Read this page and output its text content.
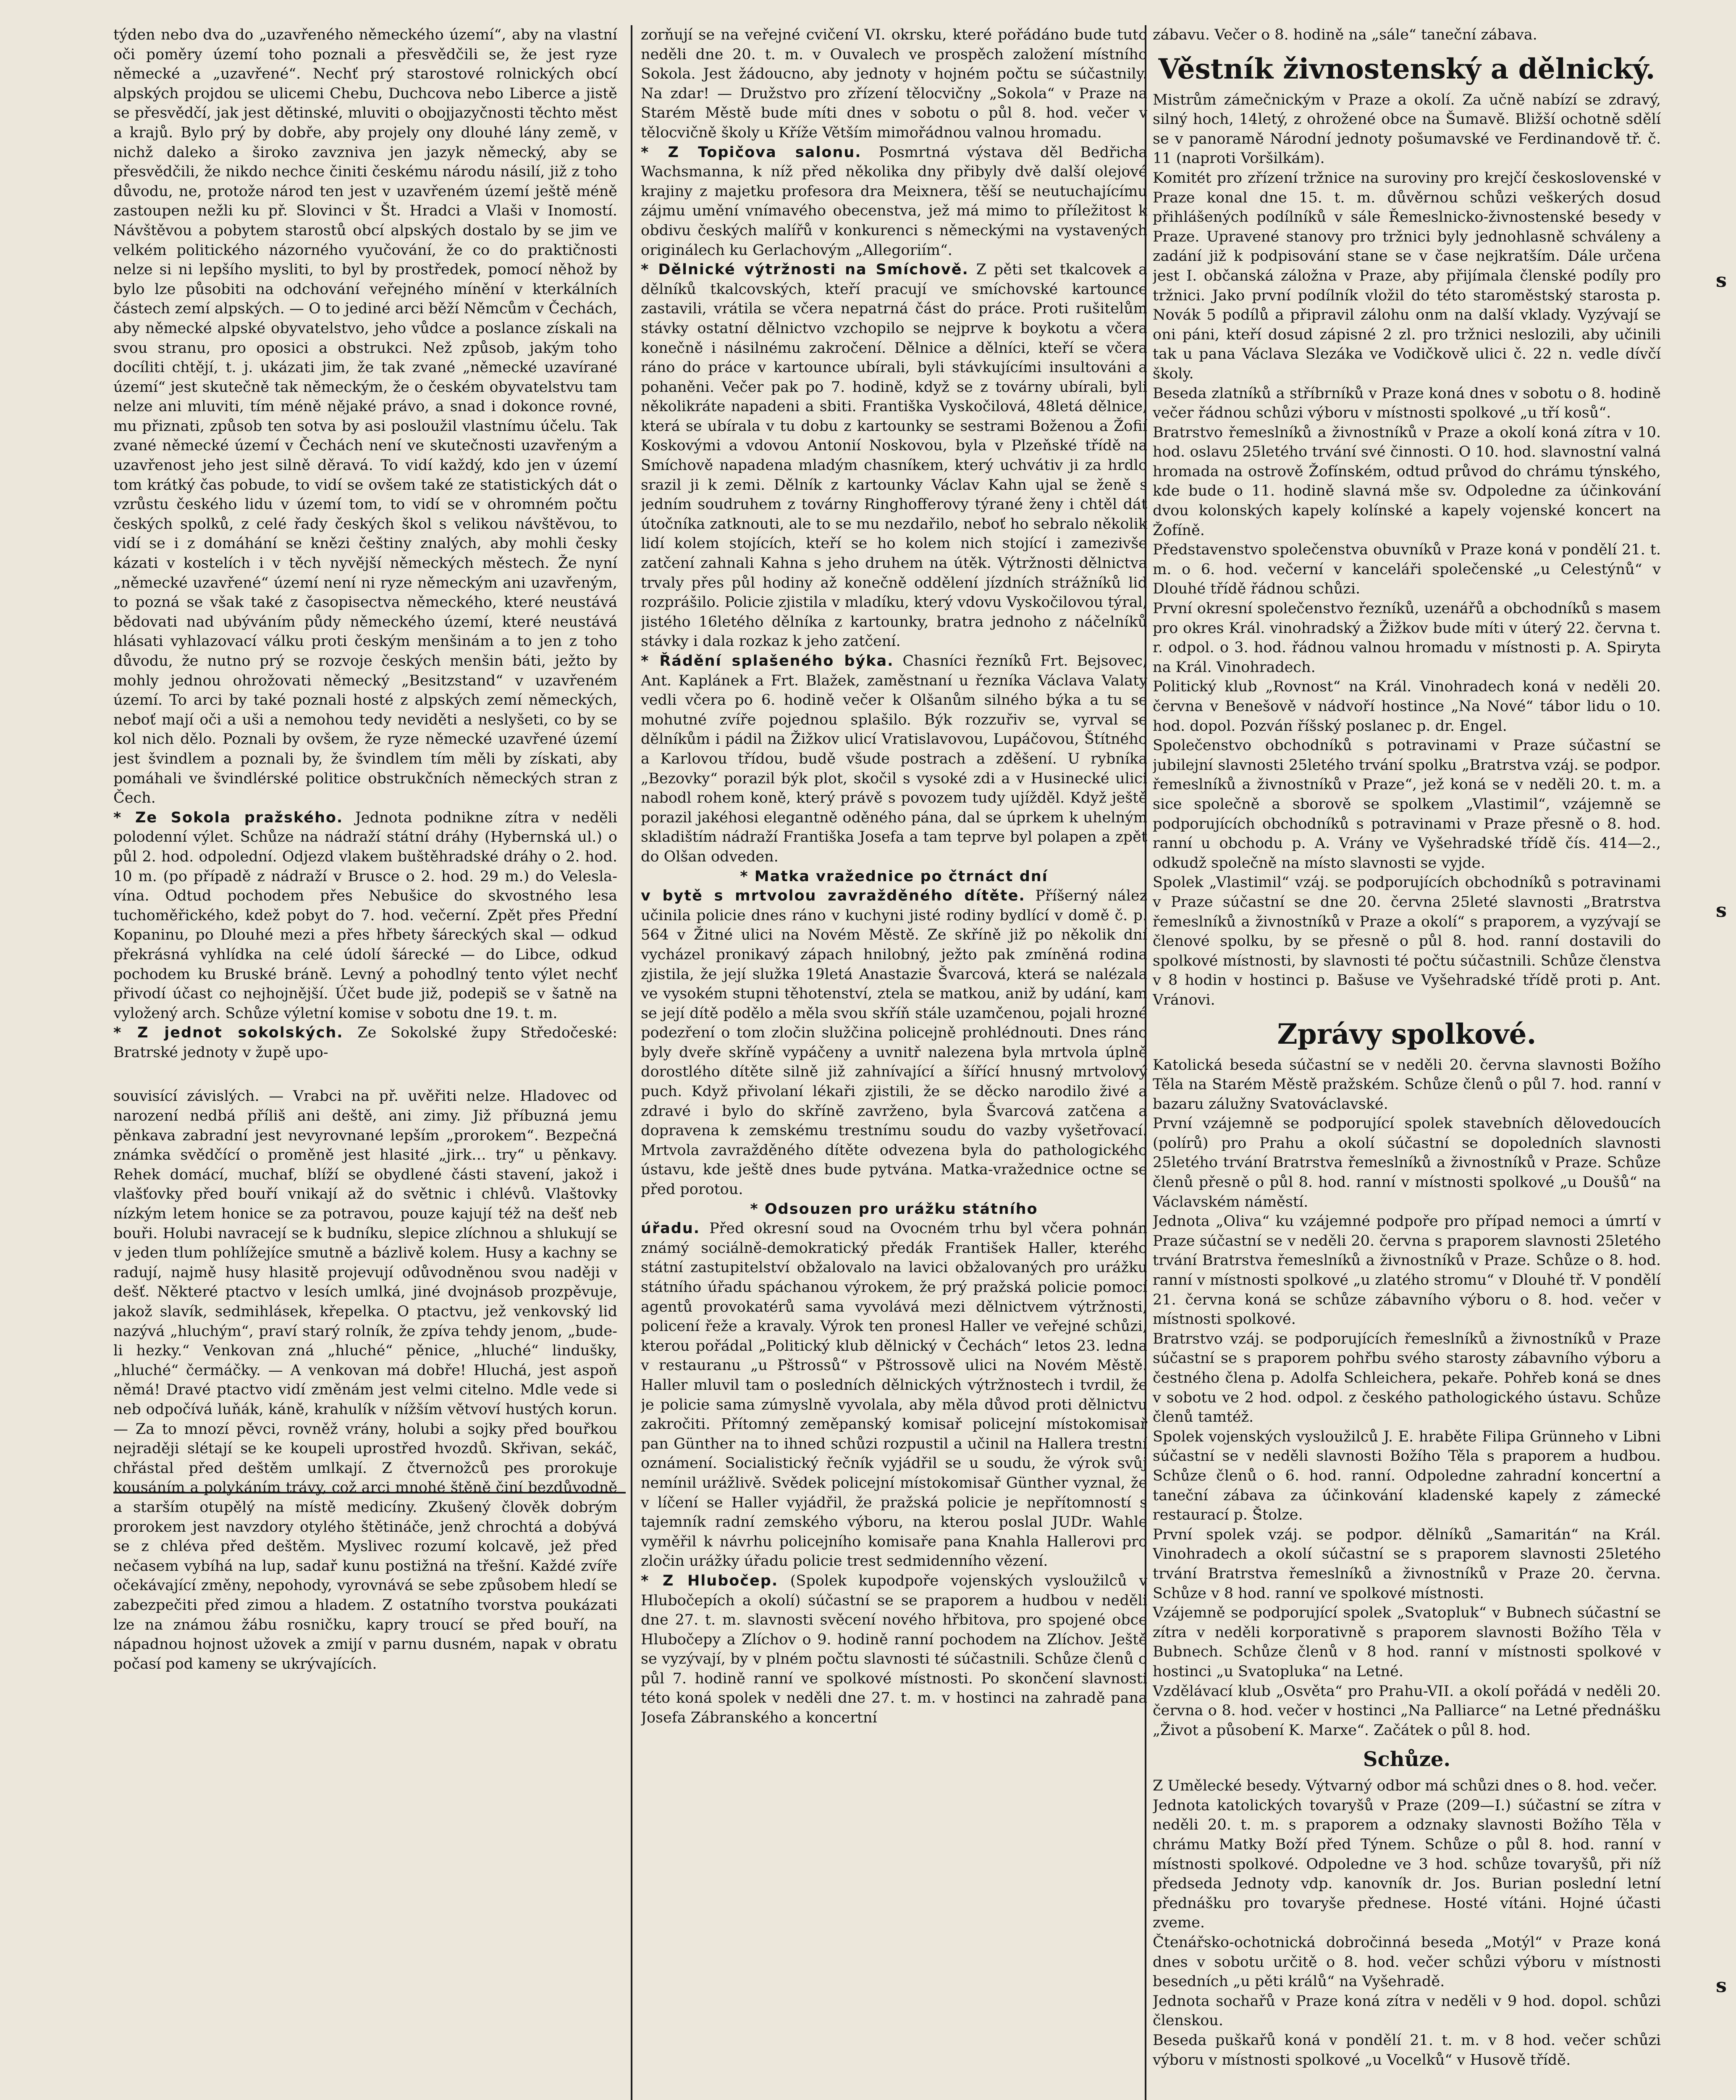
týden nebo dva do „uzavřeného německého území“, aby na vlastní oči poměry území toho poznali a přesvědčili se, že jest ryze německé a „uzavřené“. Nechť prý starostové rolnických obcí alpských projdou se ulicemi Chebu, Duchcova nebo Liberce a jistě se přesvědčí, jak jest dětinské, mluviti o obojjazyčnosti těchto měst a krajů. Bylo prý by dobře, aby projely ony dlouhé lány země, v nichž daleko a široko zavzniva jen jazyk německý, aby se přesvědčili, že nikdo nechce činiti českému národu násilí, již z toho důvodu, ne, protože národ ten jest v uzavřeném území ještě méně zastoupen nežli ku př. Slovinci v Št. Hradci a Vlaši v Inomostí. Návštěvou a pobytem starostů obcí alpských dostalo by se jim ve velkém politického názorného vyučování, že co do praktičnosti nelze si ni lepšího mysliti, to byl by prostředek, pomocí něhož by bylo lze působiti na odchování veřejného mínění v kterkálních částech zemí alpských. — O to jediné arci běží Němcům v Čechách, aby německé alpské obyvatelstvo, jeho vůdce a poslance získali na svou stranu, pro oposici a obstrukci. Než způsob, jakým toho docíliti chtějí, t. j. ukázati jim, že tak zvané „německé uzavírané území“ jest skutečně tak německým, že o českém obyvatelstvu tam nelze ani mluviti, tím méně nějaké právo, a snad i dokonce rovné, mu přiznati, způsob ten sotva by asi posloužil vlastnímu účelu. Tak zvané německé území v Čechách není ve skutečnosti uzavřeným a uzavřenost jeho jest silně děravá. To vidí každý, kdo jen v území tom krátký čas pobude, to vidí se ovšem také ze statistických dát o vzrůstu českého lidu v území tom, to vidí se v ohromném počtu českých spolků, z celé řady českých škol s velikou návštěvou, to vidí se i z domáhání se knězi češtiny znalých, aby mohli česky kázati v kostelích i v těch nyvější německých městech. Že nyní „německé uzavřené“ území není ni ryze německým ani uzavřeným, to pozná se však také z časopisectva německého, které neustává bědovati nad ubýváním půdy německého území, které neustává hlásati vyhlazovací válku proti českým menšinám a to jen z toho důvodu, že nutno prý se rozvoje českých menšin báti, ježto by mohly jednou ohrožovati německý „Besitzstand“ v uzavřeném území. To arci by také poznali hosté z alpských zemí německých, neboť mají oči a uši a nemohou tedy neviděti a neslyšeti, co by se kol nich dělo. Poznali by ovšem, že ryze německé uzavřené území jest švindlem a poznali by, že švindlem tím měli by získati, aby pomáhali ve švindlérské politice obstrukčních německých stran z Čech.

* Ze Sokola pražského. Jednota podnikne zítra v neděli polodenní výlet. Schůze na nádraží státní dráhy (Hybernská ul.) o půl 2. hod. odpolední. Odjezd vlakem buštěhradské dráhy o 2. hod. 10 m. (po případě z nádraží v Brusce o 2. hod. 29 m.) do Veleslavína. Odtud pochodem přes Nebušice do skvostného lesa tuchoměřického, kdež pobyt do 7. hod. večerní. Zpět přes Přední Kopaninu, po Dlouhé mezi a přes hřbety šáreckých skal — odkud překrásná vyhlídka na celé údolí šárecké — do Libce, odkud pochodem ku Bruské bráně. Levný a pohodlný tento výlet nechť přivodí účast co nejhojnější. Účet bude již, podepiš se v šatně na vyložený arch. Schůze výletní komise v sobotu dne 19. t. m.

* Z jednot sokolských. Ze Sokolské župy Středočeské: Bratrské jednoty v župě upo-

souvisící závislých. — Vrabci na př. uvěřiti nelze. Hladovec od narození nedbá příliš ani deště, ani zimy. Již příbuzná jemu pěnkava zabradní jest nevyrovnané lepším „prorokem“. Bezpečná známka svědčící o proměně jest hlasité „jirk… try“ u pěnkavy. Rehek domácí, muchaf, blíží se obydlené části stavení, jakož i vlašťovky před bouří vnikají až do světnic i chlévů. Vlaštovky nízkým letem honice se za potravou, pouze kajují též na dešť neb bouři. Holubi navracejí se k budníku, slepice zlíchnou a shlukují se v jeden tlum pohlížejíce smutně a bázlivě kolem. Husy a kachny se radují, najmě husy hlasitě projevují odůvodněnou svou naději v dešť. Některé ptactvo v lesích umlká, jiné dvojnásob prozpěvuje, jakož slavík, sedmihlásek, křepelka. O ptactvu, jež venkovský lid nazývá „hluchým“, praví starý rolník, že zpíva tehdy jenom, „bude-li hezky.“ Venkovan zná „hluché“ pěnice, „hluché“ lindušky, „hluché“ čermáčky. — A venkovan má dobře! Hluchá, jest aspoň němá! Dravé ptactvo vidí změnám jest velmi citelno. Mdle vede si neb odpočívá luňák, káně, krahulík v nížším větvoví hustých korun. — Za to mnozí pěvci, rovněž vrány, holubi a sojky před bouřkou nejraději slétají se ke koupeli uprostřed hvozdů. Skřivan, sekáč, chřástal před deštěm umlkají. Z čtvernožců pes prorokuje kousáním a polykáním trávy, což arci mnohé štěně činí bezdůvodně a starším otupělý na místě medicíny. Zkušený člověk dobrým prorokem jest navzdory otylého štětináče, jenž chrochtá a dobývá se z chléva před deštěm. Myslivec rozumí kolcavě, jež před nečasem vybíhá na lup, sadař kunu postižná na třešní. Každé zvíře očekávající změny, nepohody, vyrovnává se sebe způsobem hledí se zabezpečiti před zimou a hladem. Z ostatního tvorstva poukázati lze na známou žábu rosničku, kapry troucí se před bouří, na nápadnou hojnost užovek a zmijí v parnu dusném, napak v obratu počasí pod kameny se ukrývajících.

zorňují se na veřejné cvičení VI. okrsku, které pořádáno bude tuto neděli dne 20. t. m. v Ouvalech ve prospěch založení místního Sokola. Jest žádoucno, aby jednoty v hojném počtu se súčastnily. Na zdar! — Družstvo pro zřízení tělocvičny „Sokola“ v Praze na Starém Městě bude míti dnes v sobotu o půl 8. hod. večer v tělocvičně školy u Kříže Větším mimořádnou valnou hromadu.

* Z Topičova salonu. Posmrtná výstava děl Bedřicha Wachsmanna, k níž před několika dny přibyly dvě další olejové krajiny z majetku profesora dra Meixnera, těší se neutuchajícímu zájmu umění vnímavého obecenstva, jež má mimo to příležitost k obdivu českých malířů v konkurenci s německými na vystavených originálech ku Gerlachovým „Allegoriím“.

* Dělnické výtržnosti na Smíchově. Z pěti set tkalcovek a dělníků tkalcovských, kteří pracují ve smíchovské kartounce zastavili, vrátila se včera nepatrná část do práce. Proti rušitelům stávky ostatní dělnictvo vzchopilo se nejprve k boykotu a včera konečně i násilnému zakročení. Dělnice a dělníci, kteří se včera ráno do práce v kartounce ubírali, byli stávkujícími insultováni a pohaněni. Večer pak po 7. hodině, když se z továrny ubírali, byli několikráte napadeni a sbiti. Františka Vyskočilová, 48letá dělnice, která se ubírala v tu dobu z kartounky se sestrami Boženou a Žofií Koskovými a vdovou Antonií Noskovou, byla v Plzeňské třídě na Smíchově napadena mladým chasníkem, který uchvátiv ji za hrdlo srazil ji k zemi. Dělník z kartounky Václav Kahn ujal se ženě s jedním soudruhem z továrny Ringhofferovy týrané ženy i chtěl dát útočníka zatknouti, ale to se mu nezdařilo, neboť ho sebralo několik lidí kolem stojících, kteří se ho kolem nich stojící i zamezivše zatčení zahnali Kahna s jeho druhem na útěk. Výtržnosti dělnictva trvaly přes půl hodiny až konečně oddělení jízdních strážníků lid rozprášilo. Policie zjistila v mladíku, který vdovu Vyskočilovou týral, jistého 16letého dělníka z kartounky, bratra jednoho z náčelníků stávky i dala rozkaz k jeho zatčení.

* Řádění splašeného býka. Chasníci řezníků Frt. Bejsovec, Ant. Kaplánek a Frt. Blažek, zaměstnaní u řezníka Václava Valaty vedli včera po 6. hodině večer k Olšanům silného býka a tu se mohutné zvíře pojednou splašilo. Býk rozzuřiv se, vyrval se dělníkům i pádil na Žižkov ulicí Vratislavovou, Lupáčovou, Štítného a Karlovou třídou, budě všude postrach a zděšení. U rybníka „Bezovky“ porazil býk plot, skočil s vysoké zdi a v Husinecké ulici nabodl rohem koně, který právě s povozem tudy ujížděl. Když ještě porazil jakéhosi elegantně oděného pána, dal se úprkem k uhelným skladištím nádraží Františka Josefa a tam teprve byl polapen a zpět do Olšan odveden.

* Matka vražednice po čtrnáct dní

v bytě s mrtvolou zavražděného dítěte. Příšerný nález učinila policie dnes ráno v kuchyni jisté rodiny bydlící v domě č. p. 564 v Žitné ulici na Novém Městě. Ze skříně již po několik dní vycházel pronikavý zápach hnilobný, ježto pak zmíněná rodina zjistila, že její služka 19letá Anastazie Švarcová, která se nalézala ve vysokém stupni těhotenství, ztela se matkou, aniž by udání, kam se její dítě podělo a měla svou skříň stále uzamčenou, pojali hrozné podezření o tom zločin služčina policejně prohlédnouti. Dnes ráno byly dveře skříně vypáčeny a uvnitř nalezena byla mrtvola úplně dorostlého dítěte silně již zahnívající a šířící hnusný mrtvolový puch. Když přivolaní lékaři zjistili, že se děcko narodilo živé a zdravé i bylo do skříně zavrženo, byla Švarcová zatčena a dopravena k zemskému trestnímu soudu do vazby vyšetřovací. Mrtvola zavražděného dítěte odvezena byla do pathologického ústavu, kde ještě dnes bude pytvána. Matka-vražednice octne se před porotou.

* Odsouzen pro urážku státního

úřadu. Před okresní soud na Ovocném trhu byl včera pohnán známý sociálně-demokratický předák František Haller, kterého státní zastupitelství obžalovalo na lavici obžalovaných pro urážku státního úřadu spáchanou výrokem, že prý pražská policie pomocí agentů provokatérů sama vyvolává mezi dělnictvem výtržnosti, policení řeže a kravaly. Výrok ten pronesl Haller ve veřejné schůzi, kterou pořádal „Politický klub dělnický v Čechách“ letos 23. ledna v restauranu „u Pštrossů“ v Pštrossově ulici na Novém Městě. Haller mluvil tam o posledních dělnických výtržnostech i tvrdil, že je policie sama zúmyslně vyvolala, aby měla důvod proti dělnictvu zakročiti. Přítomný zeměpanský komisař policejní místokomisař pan Günther na to ihned schůzi rozpustil a učinil na Hallera trestní oznámení. Socialistický řečník vyjádřil se u soudu, že výrok svůj nemínil urážlivě. Svědek policejní místokomisař Günther vyznal, že v líčení se Haller vyjádřil, že pražská policie je nepřítomností s tajemník radní zemského výboru, na kterou poslal JUDr. Wahle vyměřil k návrhu policejního komisaře pana Knahla Hallerovi pro zločin urážky úřadu policie trest sedmidenního vězení.

* Z Hlubočep. (Spolek kupodpoře vojenských vysloužilců v Hlubočepích a okolí) súčastní se se praporem a hudbou v neděli dne 27. t. m. slavnosti svěcení nového hřbitova, pro spojené obce Hlubočepy a Zlíchov o 9. hodině ranní pochodem na Zlíchov. Ještě se vyzývají, by v plném počtu slavnosti té súčastnili. Schůze členů o půl 7. hodině ranní ve spolkové místnosti. Po skončení slavnosti této koná spolek v neděli dne 27. t. m. v hostinci na zahradě pana Josefa Zábranského a koncertní

zábavu. Večer o 8. hodině na „sále“ taneční zábava.

Věstník živnostenský a dělnický.

Mistrům zámečnickým v Praze a okolí. Za učně nabízí se zdravý, silný hoch, 14letý, z ohrožené obce na Šumavě. Bližší ochotně sdělí se v panoramě Národní jednoty pošumavské ve Ferdinandově tř. č. 11 (naproti Voršilkám).

Komitét pro zřízení tržnice na suroviny pro krejčí československé v Praze konal dne 15. t. m. důvěrnou schůzi veškerých dosud přihlášených podílníků v sále Řemeslnicko-živnostenské besedy v Praze. Upravené stanovy pro tržnici byly jednohlasně schváleny a zadání již k podpisování stane se v čase nejkratším. Dále určena jest I. občanská záložna v Praze, aby přijímala členské podíly pro tržnici. Jako první podílník vložil do této staroměstský starosta p. Novák 5 podílů a připravil zálohu onm na další vklady. Vyzývají se oni páni, kteří dosud zápisné 2 zl. pro tržnici neslozili, aby učinili tak u pana Václava Slezáka ve Vodičkově ulici č. 22 n. vedle dívčí školy.

Beseda zlatníků a stříbrníků v Praze koná dnes v sobotu o 8. hodině večer řádnou schůzi výboru v místnosti spolkové „u tří kosů“.

Bratrstvo řemeslníků a živnostníků v Praze a okolí koná zítra v 10. hod. oslavu 25letého trvání své činnosti. O 10. hod. slavnostní valná hromada na ostrově Žofínském, odtud průvod do chrámu týnského, kde bude o 11. hodině slavná mše sv. Odpoledne za účinkování dvou kolonských kapely kolínské a kapely vojenské koncert na Žofíně.

Představenstvo společenstva obuvníků v Praze koná v pondělí 21. t. m. o 6. hod. večerní v kanceláři společenské „u Celestýnů“ v Dlouhé třídě řádnou schůzi.

První okresní společenstvo řezníků, uzenářů a obchodníků s masem pro okres Král. vinohradský a Žižkov bude míti v úterý 22. června t. r. odpol. o 3. hod. řádnou valnou hromadu v místnosti p. A. Spiryta na Král. Vinohradech.

Politický klub „Rovnost“ na Král. Vinohradech koná v neděli 20. června v Benešově v nádvoří hostince „Na Nové“ tábor lidu o 10. hod. dopol. Pozván říšský poslanec p. dr. Engel.

Společenstvo obchodníků s potravinami v Praze súčastní se jubilejní slavnosti 25letého trvání spolku „Bratrstva vzáj. se podpor. řemeslníků a živnostníků v Praze“, jež koná se v neděli 20. t. m. a sice společně a sborově se spolkem „Vlastimil“, vzájemně se podporujících obchodníků s potravinami v Praze přesně o 8. hod. ranní u obchodu p. A. Vrány ve Vyšehradské třídě čís. 414—2., odkudž společně na místo slavnosti se vyjde.

Spolek „Vlastimil“ vzáj. se podporujících obchodníků s potravinami v Praze súčastní se dne 20. června 25leté slavnosti „Bratrstva řemeslníků a živnostníků v Praze a okolí“ s praporem, a vyzývají se členové spolku, by se přesně o půl 8. hod. ranní dostavili do spolkové místnosti, by slavnosti té počtu súčastnili. Schůze členstva v 8 hodin v hostinci p. Bašuse ve Vyšehradské třídě proti p. Ant. Vránovi.

Zprávy spolkové.

Katolická beseda súčastní se v neděli 20. června slavnosti Božího Těla na Starém Městě pražském. Schůze členů o půl 7. hod. ranní v bazaru zálužny Svatováclavské.

První vzájemně se podporující spolek stavebních dělovedoucích (polírů) pro Prahu a okolí súčastní se dopoledních slavnosti 25letého trvání Bratrstva řemeslníků a živnostníků v Praze. Schůze členů přesně o půl 8. hod. ranní v místnosti spolkové „u Doušů“ na Václavském náměstí.

Jednota „Oliva“ ku vzájemné podpoře pro případ nemoci a úmrtí v Praze súčastní se v neděli 20. června s praporem slavnosti 25letého trvání Bratrstva řemeslníků a živnostníků v Praze. Schůze o 8. hod. ranní v místnosti spolkové „u zlatého stromu“ v Dlouhé tř. V pondělí 21. června koná se schůze zábavního výboru o 8. hod. večer v místnosti spolkové.

Bratrstvo vzáj. se podporujících řemeslníků a živnostníků v Praze súčastní se s praporem pohřbu svého starosty zábavního výboru a čestného člena p. Adolfa Schleichera, pekaře. Pohřeb koná se dnes v sobotu ve 2 hod. odpol. z českého pathologického ústavu. Schůze členů tamtéž.

Spolek vojenských vysloužilců J. E. hraběte Filipa Grünneho v Libni súčastní se v neděli slavnosti Božího Těla s praporem a hudbou. Schůze členů o 6. hod. ranní. Odpoledne zahradní koncertní a taneční zábava za účinkování kladenské kapely z zámecké restaurací p. Štolze.

První spolek vzáj. se podpor. dělníků „Samaritán“ na Král. Vinohradech a okolí súčastní se s praporem slavnosti 25letého trvání Bratrstva řemeslníků a živnostníků v Praze 20. června. Schůze v 8 hod. ranní ve spolkové místnosti.

Vzájemně se podporující spolek „Svatopluk“ v Bubnech súčastní se zítra v neděli korporativně s praporem slavnosti Božího Těla v Bubnech. Schůze členů v 8 hod. ranní v místnosti spolkové v hostinci „u Svatopluka“ na Letné.

Vzdělávací klub „Osvěta“ pro Prahu-VII. a okolí pořádá v neděli 20. června o 8. hod. večer v hostinci „Na Palliarce“ na Letné přednášku „Život a působení K. Marxe“. Začátek o půl 8. hod.

Schůze.

Z Umělecké besedy. Výtvarný odbor má schůzi dnes o 8. hod. večer.

Jednota katolických tovaryšů v Praze (209—I.) súčastní se zítra v neděli 20. t. m. s praporem a odznaky slavnosti Božího Těla v chrámu Matky Boží před Týnem. Schůze o půl 8. hod. ranní v místnosti spolkové. Odpoledne ve 3 hod. schůze tovaryšů, při níž předseda Jednoty vdp. kanovník dr. Jos. Burian poslední letní přednášku pro tovaryše přednese. Hosté vítáni. Hojné účasti zveme.

Čtenářsko-ochotnická dobročinná beseda „Motýl“ v Praze koná dnes v sobotu určitě o 8. hod. večer schůzi výboru v místnosti besedních „u pěti králů“ na Vyšehradě.

Jednota sochařů v Praze koná zítra v neděli v 9 hod. dopol. schůzi členskou.

Beseda puškařů koná v pondělí 21. t. m. v 8 hod. večer schůzi výboru v místnosti spolkové „u Vocelků“ v Husově třídě.

s
s
s
